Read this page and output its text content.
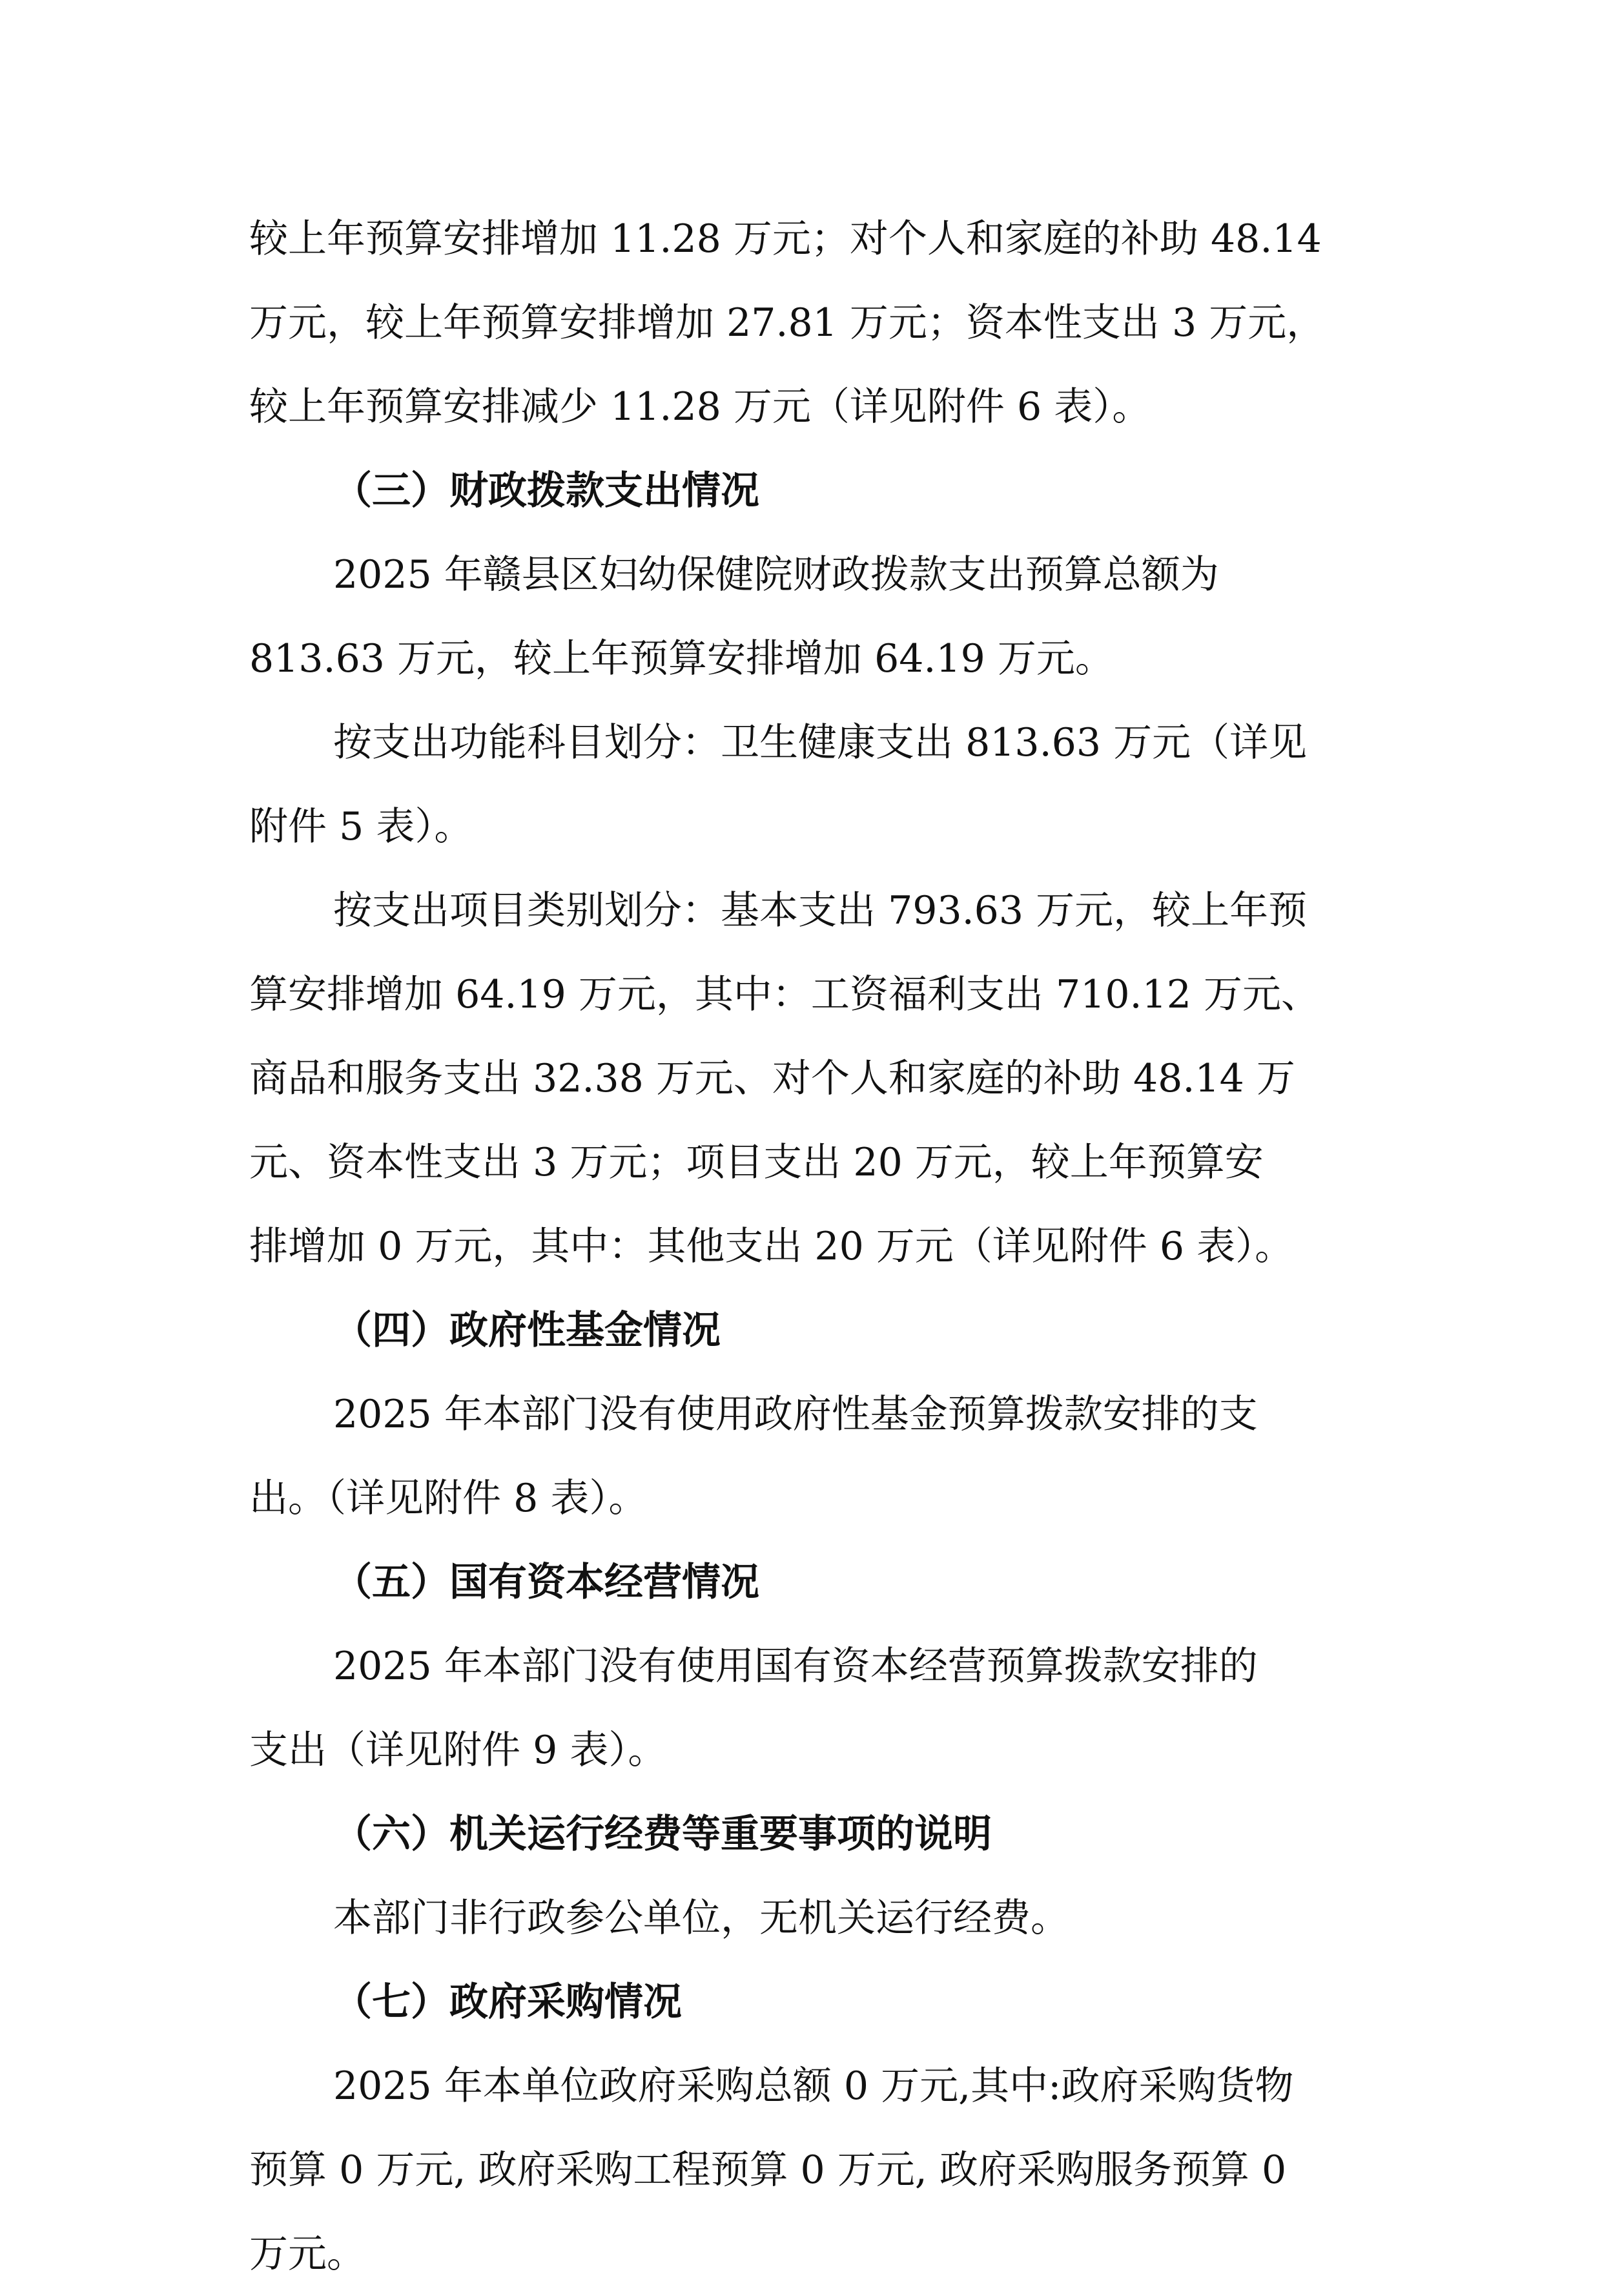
较上年预算安排增加 11.28 万元；对个人和家庭的补助 48.14
万元，较上年预算安排增加 27.81 万元；资本性支出 3 万元，
较上年预算安排减少 11.28 万元（详见附件 6 表）。
（三）财政拨款支出情况
2025 年赣县区妇幼保健院财政拨款支出预算总额为
813.63 万元，较上年预算安排增加 64.19 万元。
按支出功能科目划分：卫生健康支出 813.63 万元（详见
附件 5 表）。
按支出项目类别划分：基本支出 793.63 万元，较上年预
算安排增加 64.19 万元，其中：工资福利支出 710.12 万元、
商品和服务支出 32.38 万元、对个人和家庭的补助 48.14 万
元、资本性支出 3 万元；项目支出 20 万元，较上年预算安
排增加 0 万元，其中：其他支出 20 万元（详见附件 6 表）。
（四）政府性基金情况
2025 年本部门没有使用政府性基金预算拨款安排的支
出。（详见附件 8 表）。
（五）国有资本经营情况
2025 年本部门没有使用国有资本经营预算拨款安排的
支出（详见附件 9 表）。
（六）机关运行经费等重要事项的说明
本部门非行政参公单位，无机关运行经费。
（七）政府采购情况
2025 年本单位政府采购总额 0 万元,其中:政府采购货物
预算 0 万元, 政府采购工程预算 0 万元, 政府采购服务预算 0
万元。
